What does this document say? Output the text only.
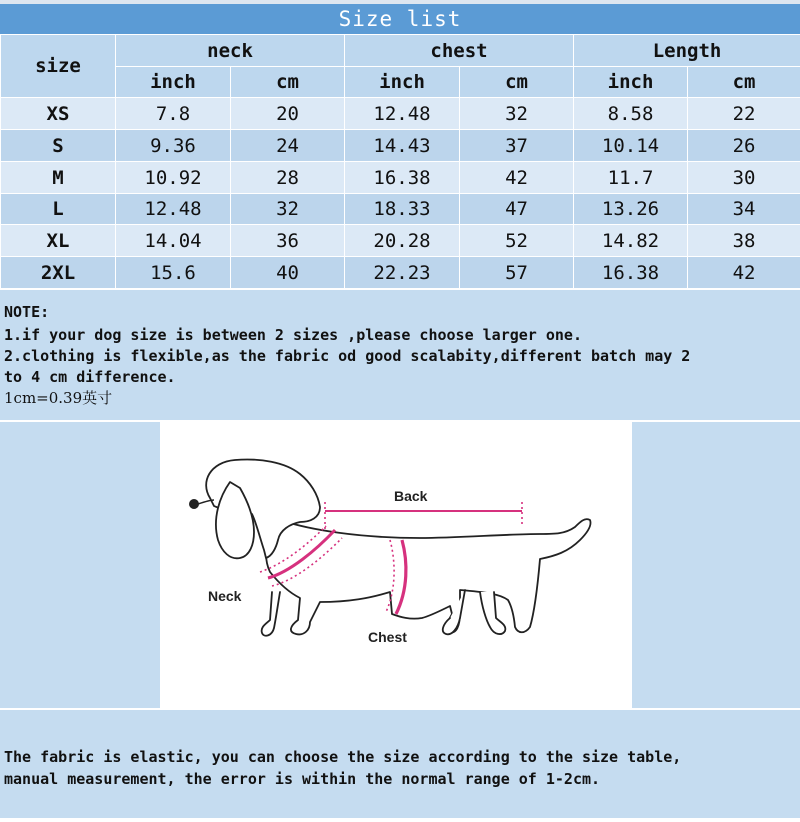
Size list
size	neck		chest		Length	
	inch	cm	inch	cm	inch	cm
XS	7.8	20	12.48	32	8.58	22
S	9.36	24	14.43	37	10.14	26
M	10.92	28	16.38	42	11.7	30
L	12.48	32	18.33	47	13.26	34
XL	14.04	36	20.28	52	14.82	38
2XL	15.6	40	22.23	57	16.38	42

NOTE:

1.if your dog size is between 2 sizes ,please choose larger one.

2.clothing is flexible,as the fabric od good scalabity,different batch may 2

to 4 cm difference.

1cm=0.39英寸

Back
Neck
Chest

The fabric is elastic, you can choose the size according to the size table,

manual measurement, the error is within the normal range of 1-2cm.
